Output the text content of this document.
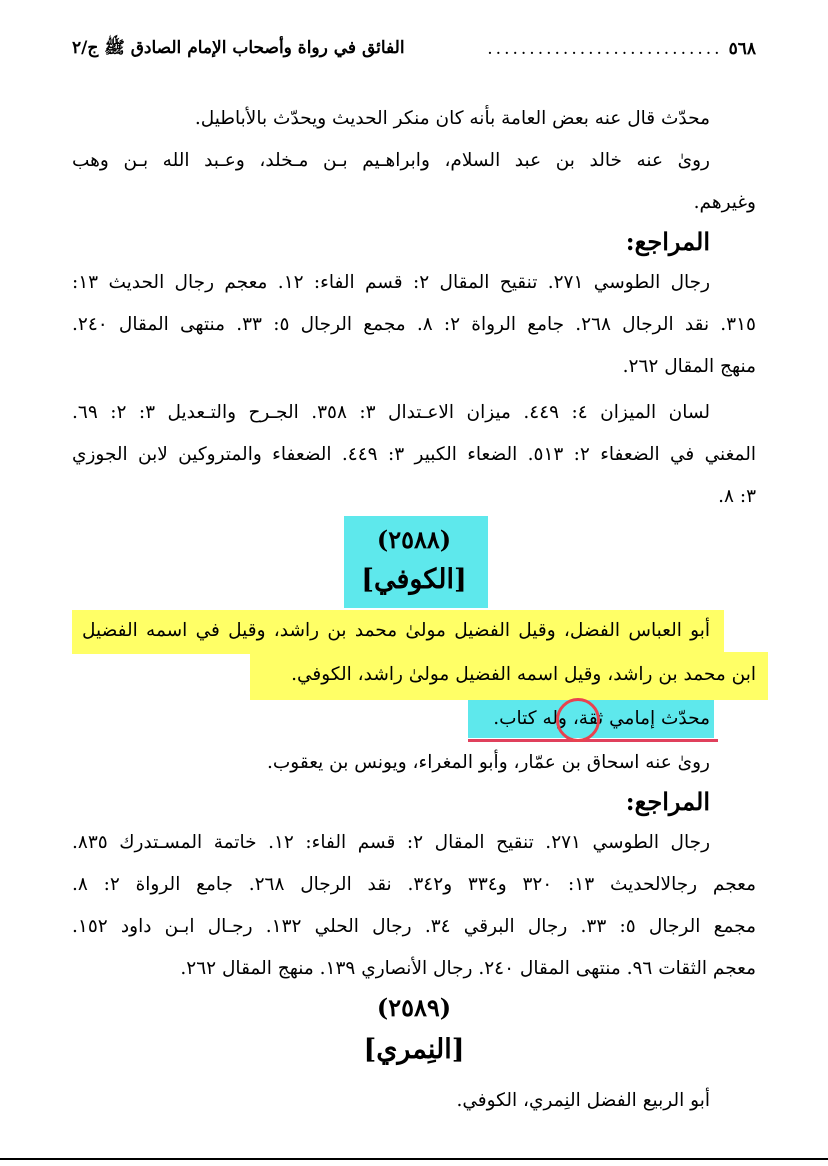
٥٦٨
............................
الفائق في رواة وأصحاب الإمام الصادق ﷺ ج/٢
محدّث قال عنه بعض العامة بأنه كان منكر الحديث ويحدّث بالأباطيل.
روىٰ عنه خالد بن عبد السلام، وابراهـيم بـن مـخلد، وعـبد الله بـن وهب
وغيرهم.
المراجع:
رجال الطوسي ٢٧١. تنقيح المقال ٢: قسم الفاء: ١٢. معجم رجال الحديث ١٣:
٣١٥. نقد الرجال ٢٦٨. جامع الرواة ٢: ٨. مجمع الرجال ٥: ٣٣. منتهى المقال ٢٤٠.
منهج المقال ٢٦٢.
لسان الميزان ٤: ٤٤٩. ميزان الاعـتدال ٣: ٣٥٨. الجـرح والتـعديل ٣: ٢: ٦٩.
المغني في الضعفاء ٢: ٥١٣. الضعاء الكبير ٣: ٤٤٩. الضعفاء والمتروكين لابن الجوزي
٣: ٨.
(٢٥٨٨)
[الكوفي]
أبو العباس الفضل، وقيل الفضيل مولىٰ محمد بن راشد، وقيل في اسمه الفضيل
ابن محمد بن راشد، وقيل اسمه الفضيل مولىٰ راشد، الكوفي.
محدّث إمامي ثقة، وله كتاب.
روىٰ عنه اسحاق بن عمّار، وأبو المغراء، ويونس بن يعقوب.
المراجع:
رجال الطوسي ٢٧١. تنقيح المقال ٢: قسم الفاء: ١٢. خاتمة المسـتدرك ٨٣٥.
معجم رجالالحديث ١٣: ٣٢٠ و٣٣٤ و٣٤٢. نقد الرجال ٢٦٨. جامع الرواة ٢: ٨.
مجمع الرجال ٥: ٣٣. رجال البرقي ٣٤. رجال الحلي ١٣٢. رجـال ابـن داود ١٥٢.
معجم الثقات ٩٦. منتهى المقال ٢٤٠. رجال الأنصاري ١٣٩. منهج المقال ٢٦٢.
(٢٥٨٩)
[النِمري]
أبو الربيع الفضل النِمري، الكوفي.
